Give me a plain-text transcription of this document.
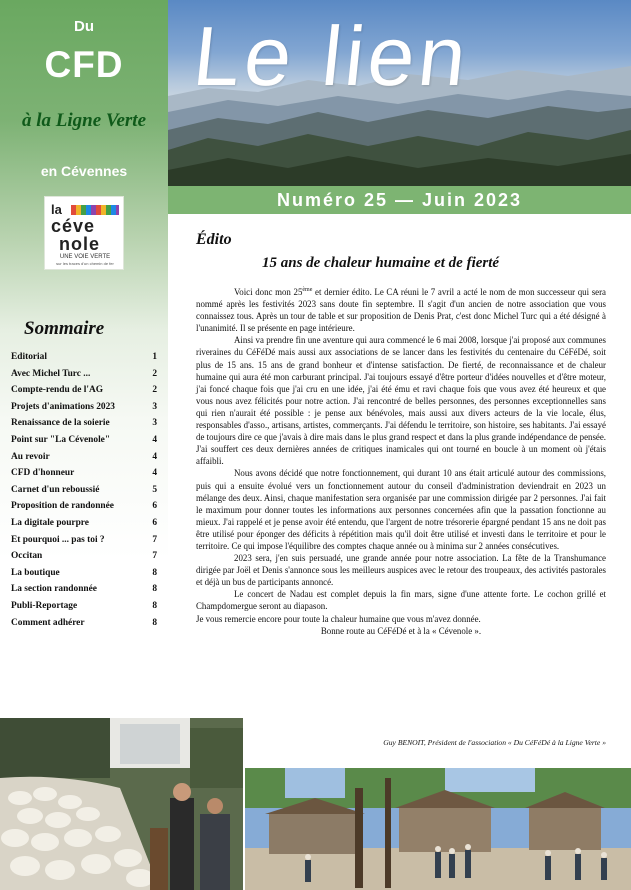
Du
CFD
à la Ligne Verte
en Cévennes
la
céve
nole
UNE VOIE VERTE
sur les traces d'un chemin de fer
Sommaire
Editorial	1
Avec Michel Turc ...	2
Compte-rendu de l'AG	2
Projets d'animations 2023	3
Renaissance de la soierie	3
Point sur "La Cévenole"	4
Au revoir	4
CFD d'honneur	4
Carnet d'un reboussié	5
Proposition de randonnée	6
La digitale pourpre	6
Et pourquoi ... pas toi ?	7
Occitan	7
La boutique	8
La section randonnée	8
Publi-Reportage	8
Comment adhérer	8
Le lien
Numéro 25 — Juin 2023
Édito
15 ans de chaleur humaine et de fierté

Voici donc mon 25ème et dernier édito. Le CA réuni le 7 avril a acté le nom de mon successeur qui sera nommé après les festivités 2023 sans doute fin septembre. Il s'agit d'un ancien de notre association que vous connaissez tous. Après un tour de table et sur proposition de Denis Prat, c'est donc Michel Turc qui a été désigné à l'unanimité. Il se présente en page intérieure.

Ainsi va prendre fin une aventure qui aura commencé le 6 mai 2008, lorsque j'ai proposé aux communes riveraines du CéFéDé mais aussi aux associations de se lancer dans les festivités du centenaire du CéFéDé, soit plus de 15 ans. 15 ans de grand bonheur et d'intense satisfaction. De fierté, de reconnaissance et de chaleur humaine qui aura été mon carburant principal. J'ai toujours essayé d'être porteur d'idées nouvelles et d'être moteur, j'ai foncé chaque fois que j'ai cru en une idée, j'ai été ému et ravi chaque fois que vous avez été heureux et que vous nous avez félicités pour notre action. J'ai rencontré de belles personnes, des personnes exceptionnelles sans qui rien n'aurait été possible : je pense aux bénévoles, mais aussi aux divers acteurs de la vie locale, élus, responsables d'asso., artisans, artistes, commerçants. J'ai défendu le territoire, son histoire, ses habitants. J'ai essayé de toujours dire ce que j'avais à dire mais dans le plus grand respect et dans la plus grande indépendance de pensée. J'ai souffert ces deux dernières années de critiques inamicales qui ont tourné en boucle à un moment où j'étais affaibli.

Nous avons décidé que notre fonctionnement, qui durant 10 ans était articulé autour des commissions, puis qui a ensuite évolué vers un fonctionnement autour du conseil d'administration deviendrait en 2023 un mélange des deux. Ainsi, chaque manifestation sera organisée par une commission dirigée par 2 personnes. J'ai fait le maximum pour donner toutes les informations aux personnes concernées afin que la passation fonctionne au mieux. J'ai rappelé et je pense avoir été entendu, que l'argent de notre trésorerie épargné pendant 15 ans ne doit pas être utilisé pour éponger des déficits à répétition mais qu'il doit être utilisé et investi dans le territoire et pour le territoire. Ce qui impose l'équilibre des comptes chaque année ou à minima sur 2 années consécutives.

2023 sera, j'en suis persuadé, une grande année pour notre association. La fête de la Transhumance dirigée par Joël et Denis s'annonce sous les meilleurs auspices avec le retour des troupeaux, des activités pastorales et déjà un bus de participants annoncé.

Le concert de Nadau est complet depuis la fin mars, signe d'une attente forte. Le cochon grillé et Champdomergue seront au diapason.

Je vous remercie encore pour toute la chaleur humaine que vous m'avez donnée.

Bonne route au CéFéDé et à la « Cévenole ».

Guy BENOIT, Président de l'association « Du CéFéDé à la Ligne Verte »
